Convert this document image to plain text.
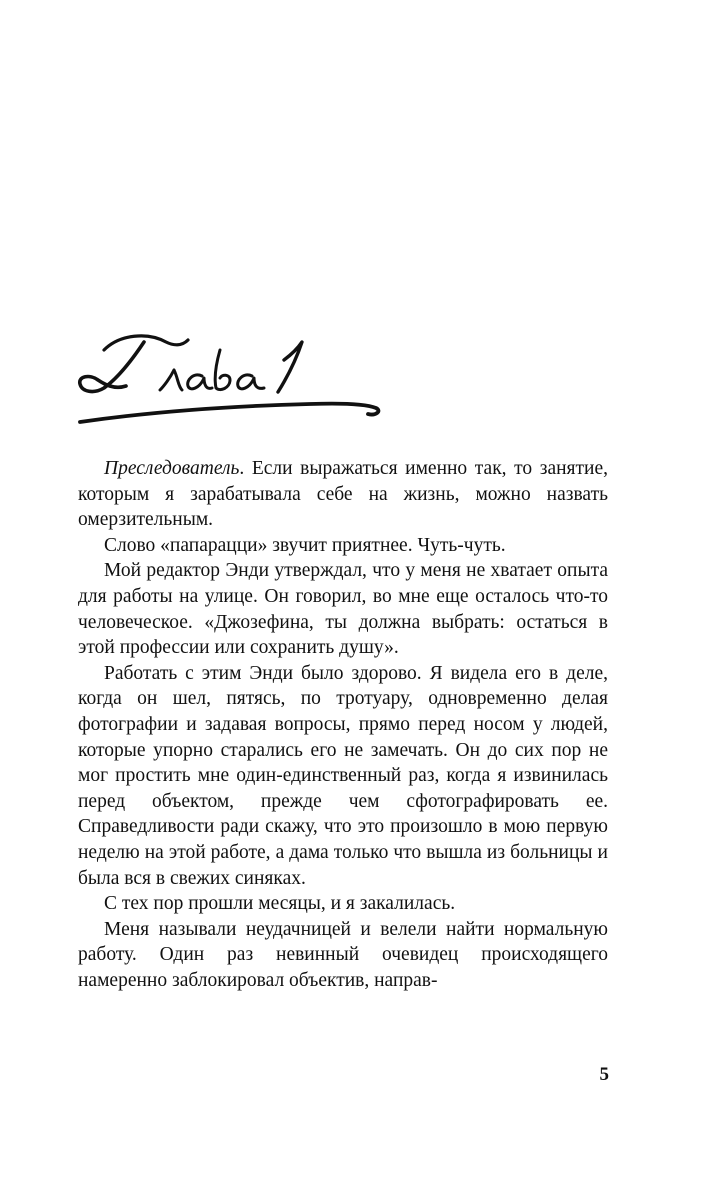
Преследователь. Если выражаться именно так, то занятие, которым я зарабатывала себе на жизнь, можно назвать омерзительным.

Слово «папарацци» звучит приятнее. Чуть-чуть.

Мой редактор Энди утверждал, что у меня не хватает опыта для работы на улице. Он говорил, во мне еще осталось что-то человеческое. «Джозефина, ты должна выбрать: остаться в этой профессии или сохранить душу».

Работать с этим Энди было здорово. Я видела его в деле, когда он шел, пятясь, по тротуару, одновременно делая фотографии и задавая вопросы, прямо перед носом у людей, которые упорно старались его не замечать. Он до сих пор не мог простить мне один-единственный раз, когда я извинилась перед объектом, прежде чем сфотографировать ее. Справедливости ради скажу, что это произошло в мою первую неделю на этой работе, а дама только что вышла из больницы и была вся в свежих синяках.

С тех пор прошли месяцы, и я закалилась.

Меня называли неудачницей и велели найти нормальную работу. Один раз невинный очевидец происходящего намеренно заблокировал объектив, направ-

5
